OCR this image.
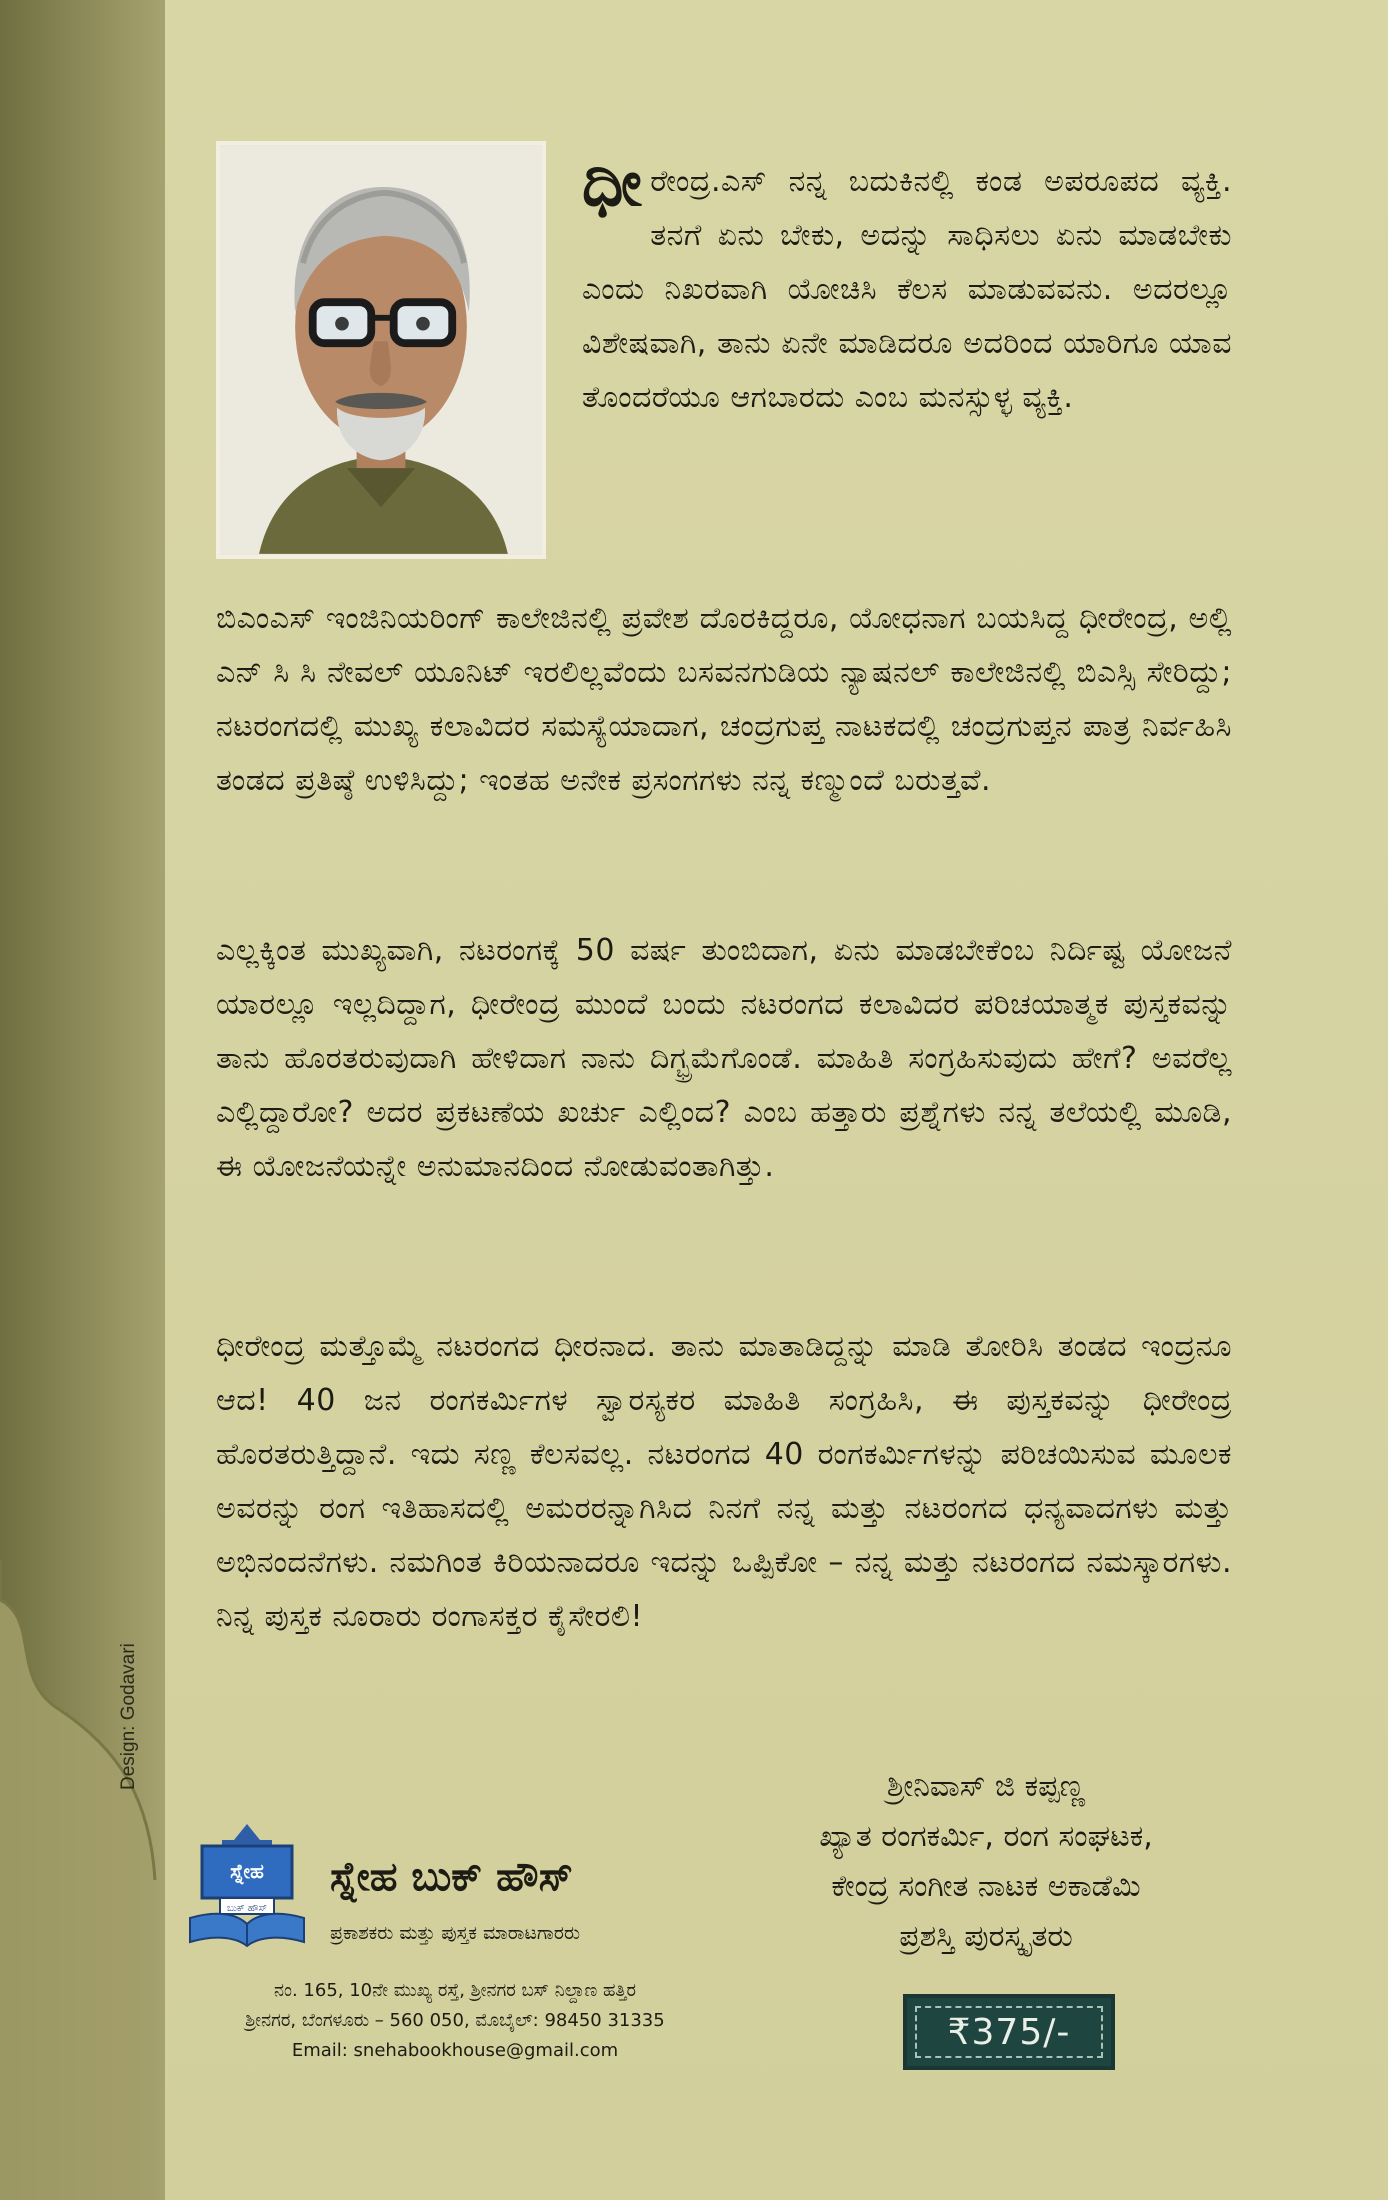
ಧೀರೇಂದ್ರ.ಎಸ್ ನನ್ನ ಬದುಕಿನಲ್ಲಿ ಕಂಡ ಅಪರೂಪದ ವ್ಯಕ್ತಿ. ತನಗೆ ಏನು ಬೇಕು, ಅದನ್ನು ಸಾಧಿಸಲು ಏನು ಮಾಡಬೇಕು ಎಂದು ನಿಖರವಾಗಿ ಯೋಚಿಸಿ ಕೆಲಸ ಮಾಡುವವನು. ಅದರಲ್ಲೂ ವಿಶೇಷವಾಗಿ, ತಾನು ಏನೇ ಮಾಡಿದರೂ ಅದರಿಂದ ಯಾರಿಗೂ ಯಾವ ತೊಂದರೆಯೂ ಆಗಬಾರದು ಎಂಬ ಮನಸ್ಸುಳ್ಳ ವ್ಯಕ್ತಿ.
ಬಿಎಂಎಸ್ ಇಂಜಿನಿಯರಿಂಗ್ ಕಾಲೇಜಿನಲ್ಲಿ ಪ್ರವೇಶ ದೊರಕಿದ್ದರೂ, ಯೋಧನಾಗ ಬಯಸಿದ್ದ ಧೀರೇಂದ್ರ, ಅಲ್ಲಿ ಎನ್ ಸಿ ಸಿ ನೇವಲ್ ಯೂನಿಟ್ ಇರಲಿಲ್ಲವೆಂದು ಬಸವನಗುಡಿಯ ನ್ಯಾಷನಲ್ ಕಾಲೇಜಿನಲ್ಲಿ ಬಿಎಸ್ಸಿ ಸೇರಿದ್ದು; ನಟರಂಗದಲ್ಲಿ ಮುಖ್ಯ ಕಲಾವಿದರ ಸಮಸ್ಯೆಯಾದಾಗ, ಚಂದ್ರಗುಪ್ತ ನಾಟಕದಲ್ಲಿ ಚಂದ್ರಗುಪ್ತನ ಪಾತ್ರ ನಿರ್ವಹಿಸಿ ತಂಡದ ಪ್ರತಿಷ್ಠೆ ಉಳಿಸಿದ್ದು; ಇಂತಹ ಅನೇಕ ಪ್ರಸಂಗಗಳು ನನ್ನ ಕಣ್ಮುಂದೆ ಬರುತ್ತವೆ.
ಎಲ್ಲಕ್ಕಿಂತ ಮುಖ್ಯವಾಗಿ, ನಟರಂಗಕ್ಕೆ 50 ವರ್ಷ ತುಂಬಿದಾಗ, ಏನು ಮಾಡಬೇಕೆಂಬ ನಿರ್ದಿಷ್ಟ ಯೋಜನೆ ಯಾರಲ್ಲೂ ಇಲ್ಲದಿದ್ದಾಗ, ಧೀರೇಂದ್ರ ಮುಂದೆ ಬಂದು ನಟರಂಗದ ಕಲಾವಿದರ ಪರಿಚಯಾತ್ಮಕ ಪುಸ್ತಕವನ್ನು ತಾನು ಹೊರತರುವುದಾಗಿ ಹೇಳಿದಾಗ ನಾನು ದಿಗ್ಭ್ರಮೆಗೊಂಡೆ. ಮಾಹಿತಿ ಸಂಗ್ರಹಿಸುವುದು ಹೇಗೆ? ಅವರೆಲ್ಲ ಎಲ್ಲಿದ್ದಾರೋ? ಅದರ ಪ್ರಕಟಣೆಯ ಖರ್ಚು ಎಲ್ಲಿಂದ? ಎಂಬ ಹತ್ತಾರು ಪ್ರಶ್ನೆಗಳು ನನ್ನ ತಲೆಯಲ್ಲಿ ಮೂಡಿ, ಈ ಯೋಜನೆಯನ್ನೇ ಅನುಮಾನದಿಂದ ನೋಡುವಂತಾಗಿತ್ತು.
ಧೀರೇಂದ್ರ ಮತ್ತೊಮ್ಮೆ ನಟರಂಗದ ಧೀರನಾದ. ತಾನು ಮಾತಾಡಿದ್ದನ್ನು ಮಾಡಿ ತೋರಿಸಿ ತಂಡದ ಇಂದ್ರನೂ ಆದ! 40 ಜನ ರಂಗಕರ್ಮಿಗಳ ಸ್ವಾರಸ್ಯಕರ ಮಾಹಿತಿ ಸಂಗ್ರಹಿಸಿ, ಈ ಪುಸ್ತಕವನ್ನು ಧೀರೇಂದ್ರ ಹೊರತರುತ್ತಿದ್ದಾನೆ. ಇದು ಸಣ್ಣ ಕೆಲಸವಲ್ಲ. ನಟರಂಗದ 40 ರಂಗಕರ್ಮಿಗಳನ್ನು ಪರಿಚಯಿಸುವ ಮೂಲಕ ಅವರನ್ನು ರಂಗ ಇತಿಹಾಸದಲ್ಲಿ ಅಮರರನ್ನಾಗಿಸಿದ ನಿನಗೆ ನನ್ನ ಮತ್ತು ನಟರಂಗದ ಧನ್ಯವಾದಗಳು ಮತ್ತು ಅಭಿನಂದನೆಗಳು. ನಮಗಿಂತ ಕಿರಿಯನಾದರೂ ಇದನ್ನು ಒಪ್ಪಿಕೋ – ನನ್ನ ಮತ್ತು ನಟರಂಗದ ನಮಸ್ಕಾರಗಳು. ನಿನ್ನ ಪುಸ್ತಕ ನೂರಾರು ರಂಗಾಸಕ್ತರ ಕೈಸೇರಲಿ!
ಶ್ರೀನಿವಾಸ್ ಜಿ ಕಪ್ಪಣ್ಣ
ಖ್ಯಾತ ರಂಗಕರ್ಮಿ, ರಂಗ ಸಂಘಟಕ,
ಕೇಂದ್ರ ಸಂಗೀತ ನಾಟಕ ಅಕಾಡೆಮಿ
ಪ್ರಶಸ್ತಿ ಪುರಸ್ಕೃತರು
Design: Godavari
ಸ್ನೇಹ
ಬುಕ್ ಹೌಸ್
ಸ್ನೇಹ ಬುಕ್ ಹೌಸ್
ಪ್ರಕಾಶಕರು ಮತ್ತು ಪುಸ್ತಕ ಮಾರಾಟಗಾರರು
ನಂ. 165, 10ನೇ ಮುಖ್ಯ ರಸ್ತೆ, ಶ್ರೀನಗರ ಬಸ್ ನಿಲ್ದಾಣ ಹತ್ತಿರ
ಶ್ರೀನಗರ, ಬೆಂಗಳೂರು – 560 050, ಮೊಬೈಲ್: 98450 31335
Email: snehabookhouse@gmail.com	₹375/-
